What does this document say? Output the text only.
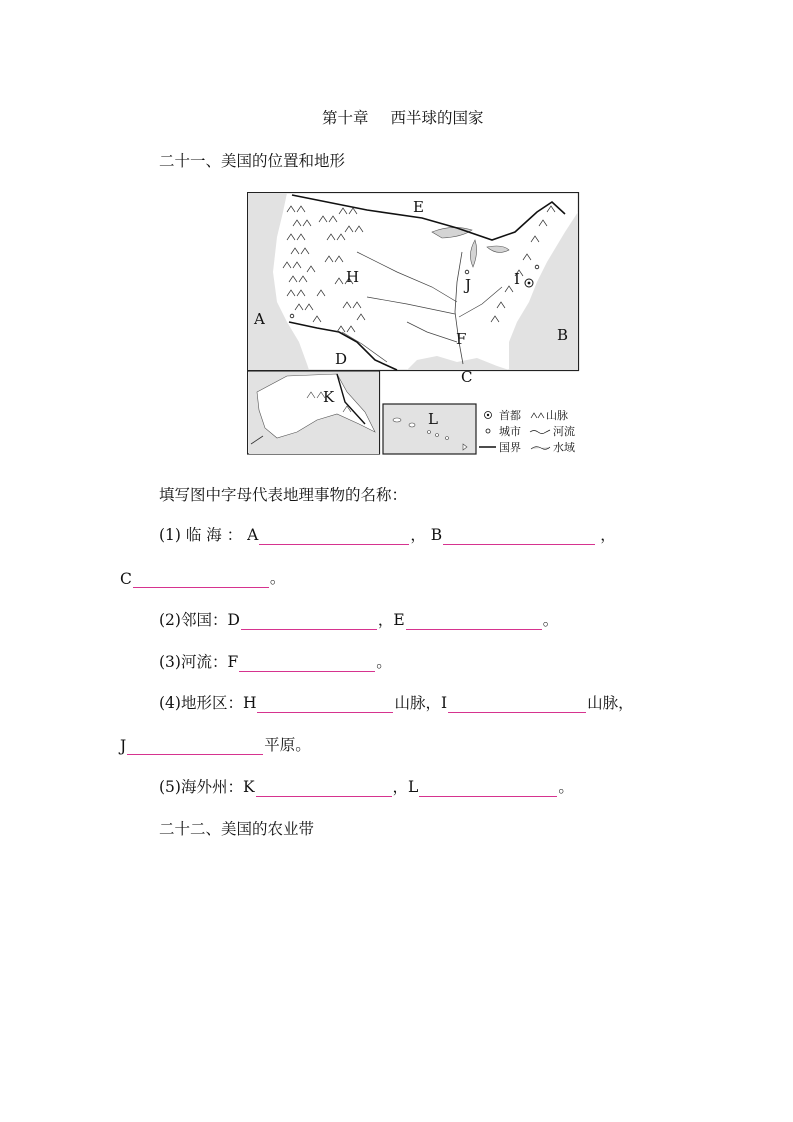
第十章 西半球的国家
二十一、美国的位置和地形
E
H	J	I
A
B
F
D
C
K
L	首都 山脉
城市	河流
国界	水域
填写图中字母代表地理事物的名称：
(1) 临 海 ： A	， B	，
C	。
(2)邻国：D	，E	。
(3)河流：F	。
(4)地形区：H	山脉，I	山脉，
J	平原。
(5)海外州：K	，L	。
二十二、美国的农业带
